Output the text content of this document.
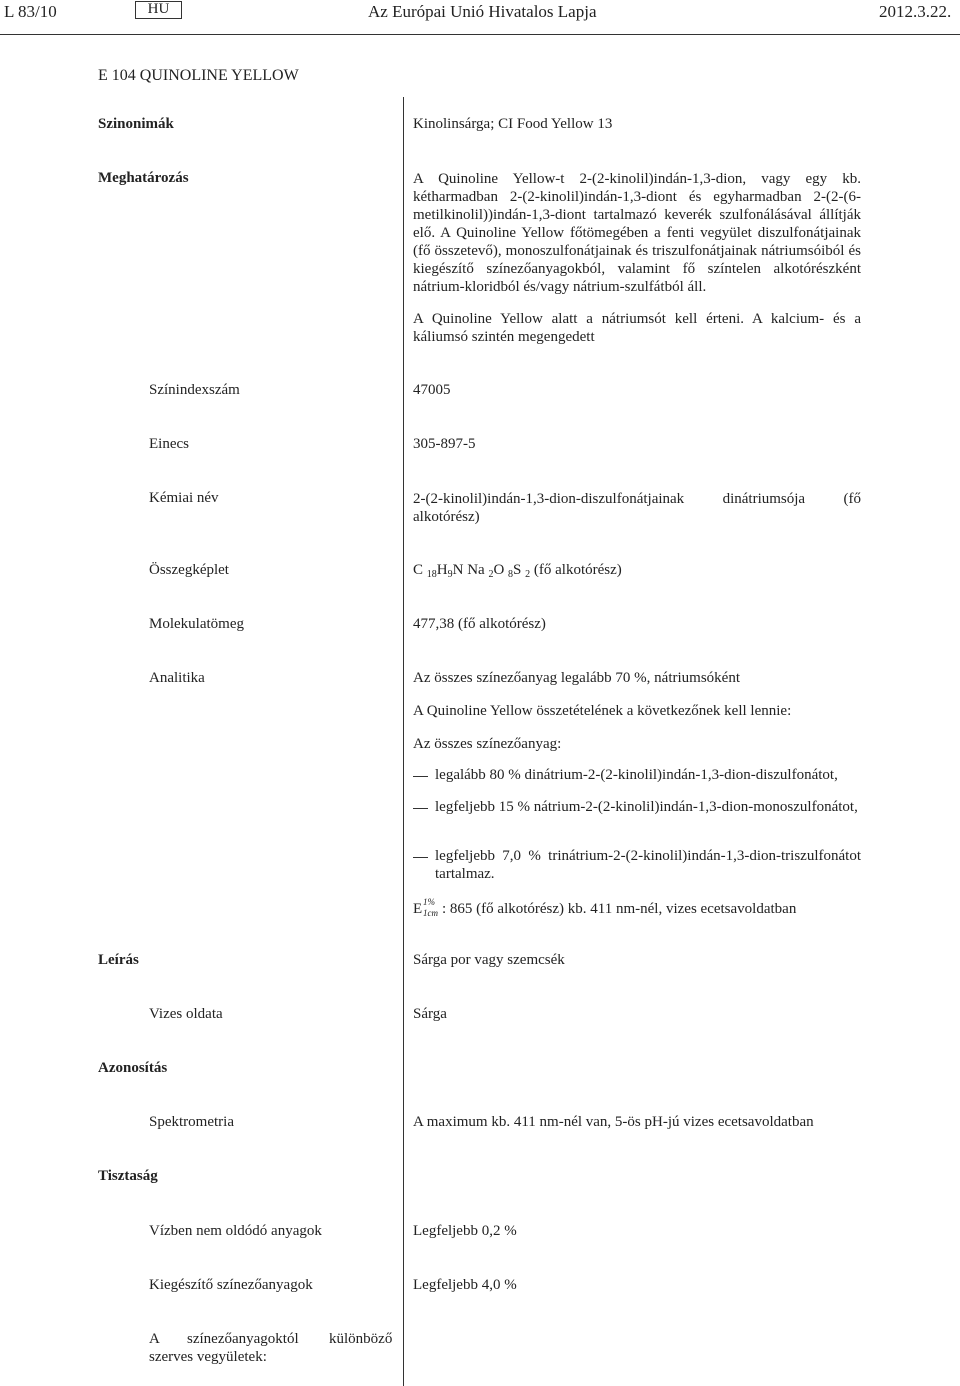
L 83/10	HU	Az Európai Unió Hivatalos Lapja	2012.3.22.
E 104 QUINOLINE YELLOW
Szinonimák	Kinolinsárga; CI Food Yellow 13
Meghatározás	A Quinoline Yellow-t 2-(2-kinolil)indán-1,3-dion, vagy egy kb. kétharmadban 2-(2-kinolil)indán-1,3-diont és egyharmadban 2-(2-(6-metilkinolil))indán-1,3-diont tartalmazó keverék szulfonálásával állítják elő. A Quinoline Yellow főtömegében a fenti vegyület diszulfonátjainak (fő összetevő), monoszulfonátjainak és triszulfonátjainak nátriumsóiból és kiegészítő színezőanyagokból, valamint fő színtelen alkotórészként nátrium-kloridból és/vagy nátrium-szulfátból áll.
A Quinoline Yellow alatt a nátriumsót kell érteni. A kalcium- és a káliumsó szintén megengedett
Színindexszám	47005
Einecs	305-897-5
Kémiai név	2-(2-kinolil)indán-1,3-dion-diszulfonátjainak dinátriumsója (fő alkotórész)
Összegképlet	C $_{18}H_9N$ Na $_2$O $_8$S $_2$ (fő alkotórész)
Molekulatömeg	477,38 (fő alkotórész)
Analitika	Az összes színezőanyag legalább 70 %, nátriumsóként
A Quinoline Yellow összetételének a következőnek kell lennie:
Az összes színezőanyag:
legalább 80 % dinátrium-2-(2-kinolil)indán-1,3-dion-diszulfonátot,
legfeljebb 15 % nátrium-2-(2-kinolil)indán-1,3-dion-monoszulfonátot,
legfeljebb 7,0 % trinátrium-2-(2-kinolil)indán-1,3-dion-triszulfonátot tartalmaz.
E 1%
1cm : 865 (fő alkotórész) kb. 411 nm-nél, vizes ecetsavoldatban
Leírás	Sárga por vagy szemcsék
Vizes oldata	Sárga
Azonosítás
Spektrometria	A maximum kb. 411 nm-nél van, 5-ös pH-jú vizes ecetsavoldatban
Tisztaság
Vízben nem oldódó anyagok	Legfeljebb 0,2 %
Kiegészítő színezőanyagok	Legfeljebb 4,0 %
A színezőanyagoktól különböző
szerves vegyületek:
